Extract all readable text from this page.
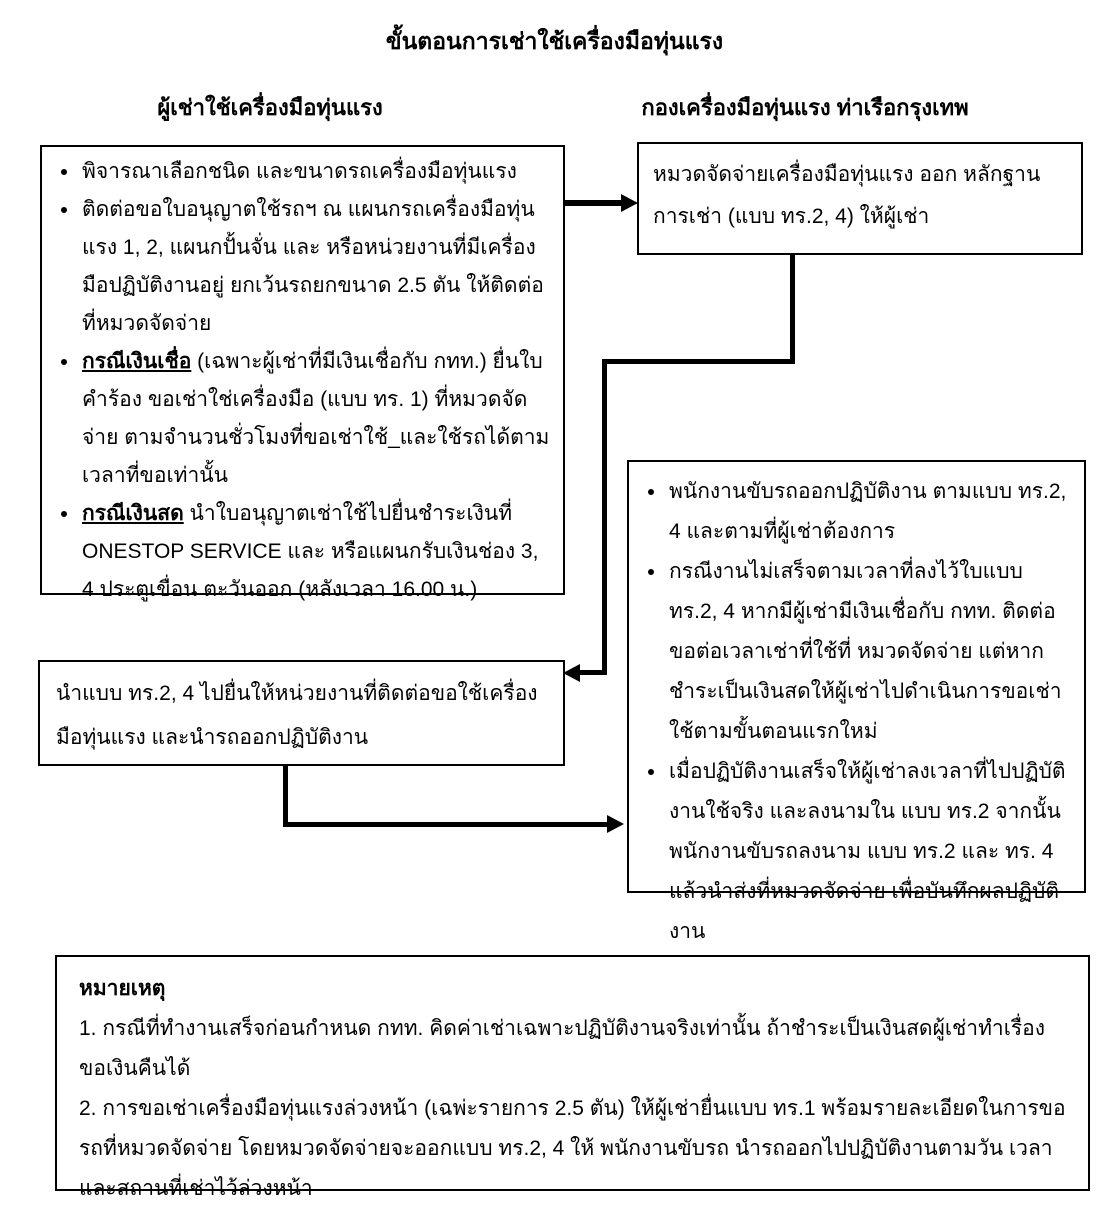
ขั้นตอนการเช่าใช้เครื่องมือทุ่นแรง
ผู้เช่าใช้เครื่องมือทุ่นแรง	กองเครื่องมือทุ่นแรง ท่าเรือกรุงเทพ
• พิจารณาเลือกชนิด และขนาดรถเครื่องมือทุ่นแรง
• ติดต่อขอใบอนุญาตใช้รถฯ ณ แผนกรถเครื่องมือทุ่นแรง 1, 2, แผนกปั้นจั่น และ หรือหน่วยงานที่มีเครื่องมือปฏิบัติงานอยู่ ยกเว้นรถยกขนาด 2.5 ตัน ให้ติดต่อที่หมวดจัดจ่าย
• กรณีเงินเชื่อ (เฉพาะผู้เช่าที่มีเงินเชื่อกับ กทท.) ยื่นใบคำร้อง ขอเช่าใช่เครื่องมือ (แบบ ทร. 1) ที่หมวดจัดจ่าย ตามจำนวนชั่วโมงที่ขอเช่าใช้_และใช้รถได้ตามเวลาที่ขอเท่านั้น
• กรณีเงินสด นำใบอนุญาตเช่าใช้ไปยื่นชำระเงินที่ ONESTOP SERVICE และ หรือแผนกรับเงินช่อง 3, 4 ประตูเขื่อน ตะวันออก (หลังเวลา 16.00 น.)
หมวดจัดจ่ายเครื่องมือทุ่นแรง ออก หลักฐานการเช่า (แบบ ทร.2, 4) ให้ผู้เช่า
• พนักงานขับรถออกปฏิบัติงาน ตามแบบ ทร.2, 4 และตามที่ผู้เช่าต้องการ
• กรณีงานไม่เสร็จตามเวลาที่ลงไว้ใบแบบ ทร.2, 4 หากมีผู้เช่ามีเงินเชื่อกับ กทท. ติดต่อขอต่อเวลาเช่าที่ใช้ที่ หมวดจัดจ่าย แต่หากชำระเป็นเงินสดให้ผู้เช่าไปดำเนินการขอเช่าใช้ตามขั้นตอนแรกใหม่
• เมื่อปฏิบัติงานเสร็จให้ผู้เช่าลงเวลาที่ไปปฏิบัติงานใช้จริง และลงนามใน แบบ ทร.2 จากนั้นพนักงานขับรถลงนาม แบบ ทร.2 และ ทร. 4 แล้วนำส่งที่หมวดจัดจ่าย เพื่อบันทึกผลปฏิบัติงาน
นำแบบ ทร.2, 4 ไปยื่นให้หน่วยงานที่ติดต่อขอใช้เครื่องมือทุ่นแรง และนำรถออกปฏิบัติงาน

หมายเหตุ

1. กรณีที่ทำงานเสร็จก่อนกำหนด กทท. คิดค่าเช่าเฉพาะปฏิบัติงานจริงเท่านั้น ถ้าชำระเป็นเงินสดผู้เช่าทำเรื่องขอเงินคืนได้

2. การขอเช่าเครื่องมือทุ่นแรงล่วงหน้า (เฉพ่ะรายการ 2.5 ตัน) ให้ผู้เช่ายื่นแบบ ทร.1 พร้อมรายละเอียดในการขอรถที่หมวดจัดจ่าย โดยหมวดจัดจ่ายจะออกแบบ ทร.2, 4 ให้ พนักงานขับรถ นำรถออกไปปฏิบัติงานตามวัน เวลา และสถานที่เช่าไว้ล่วงหน้า
